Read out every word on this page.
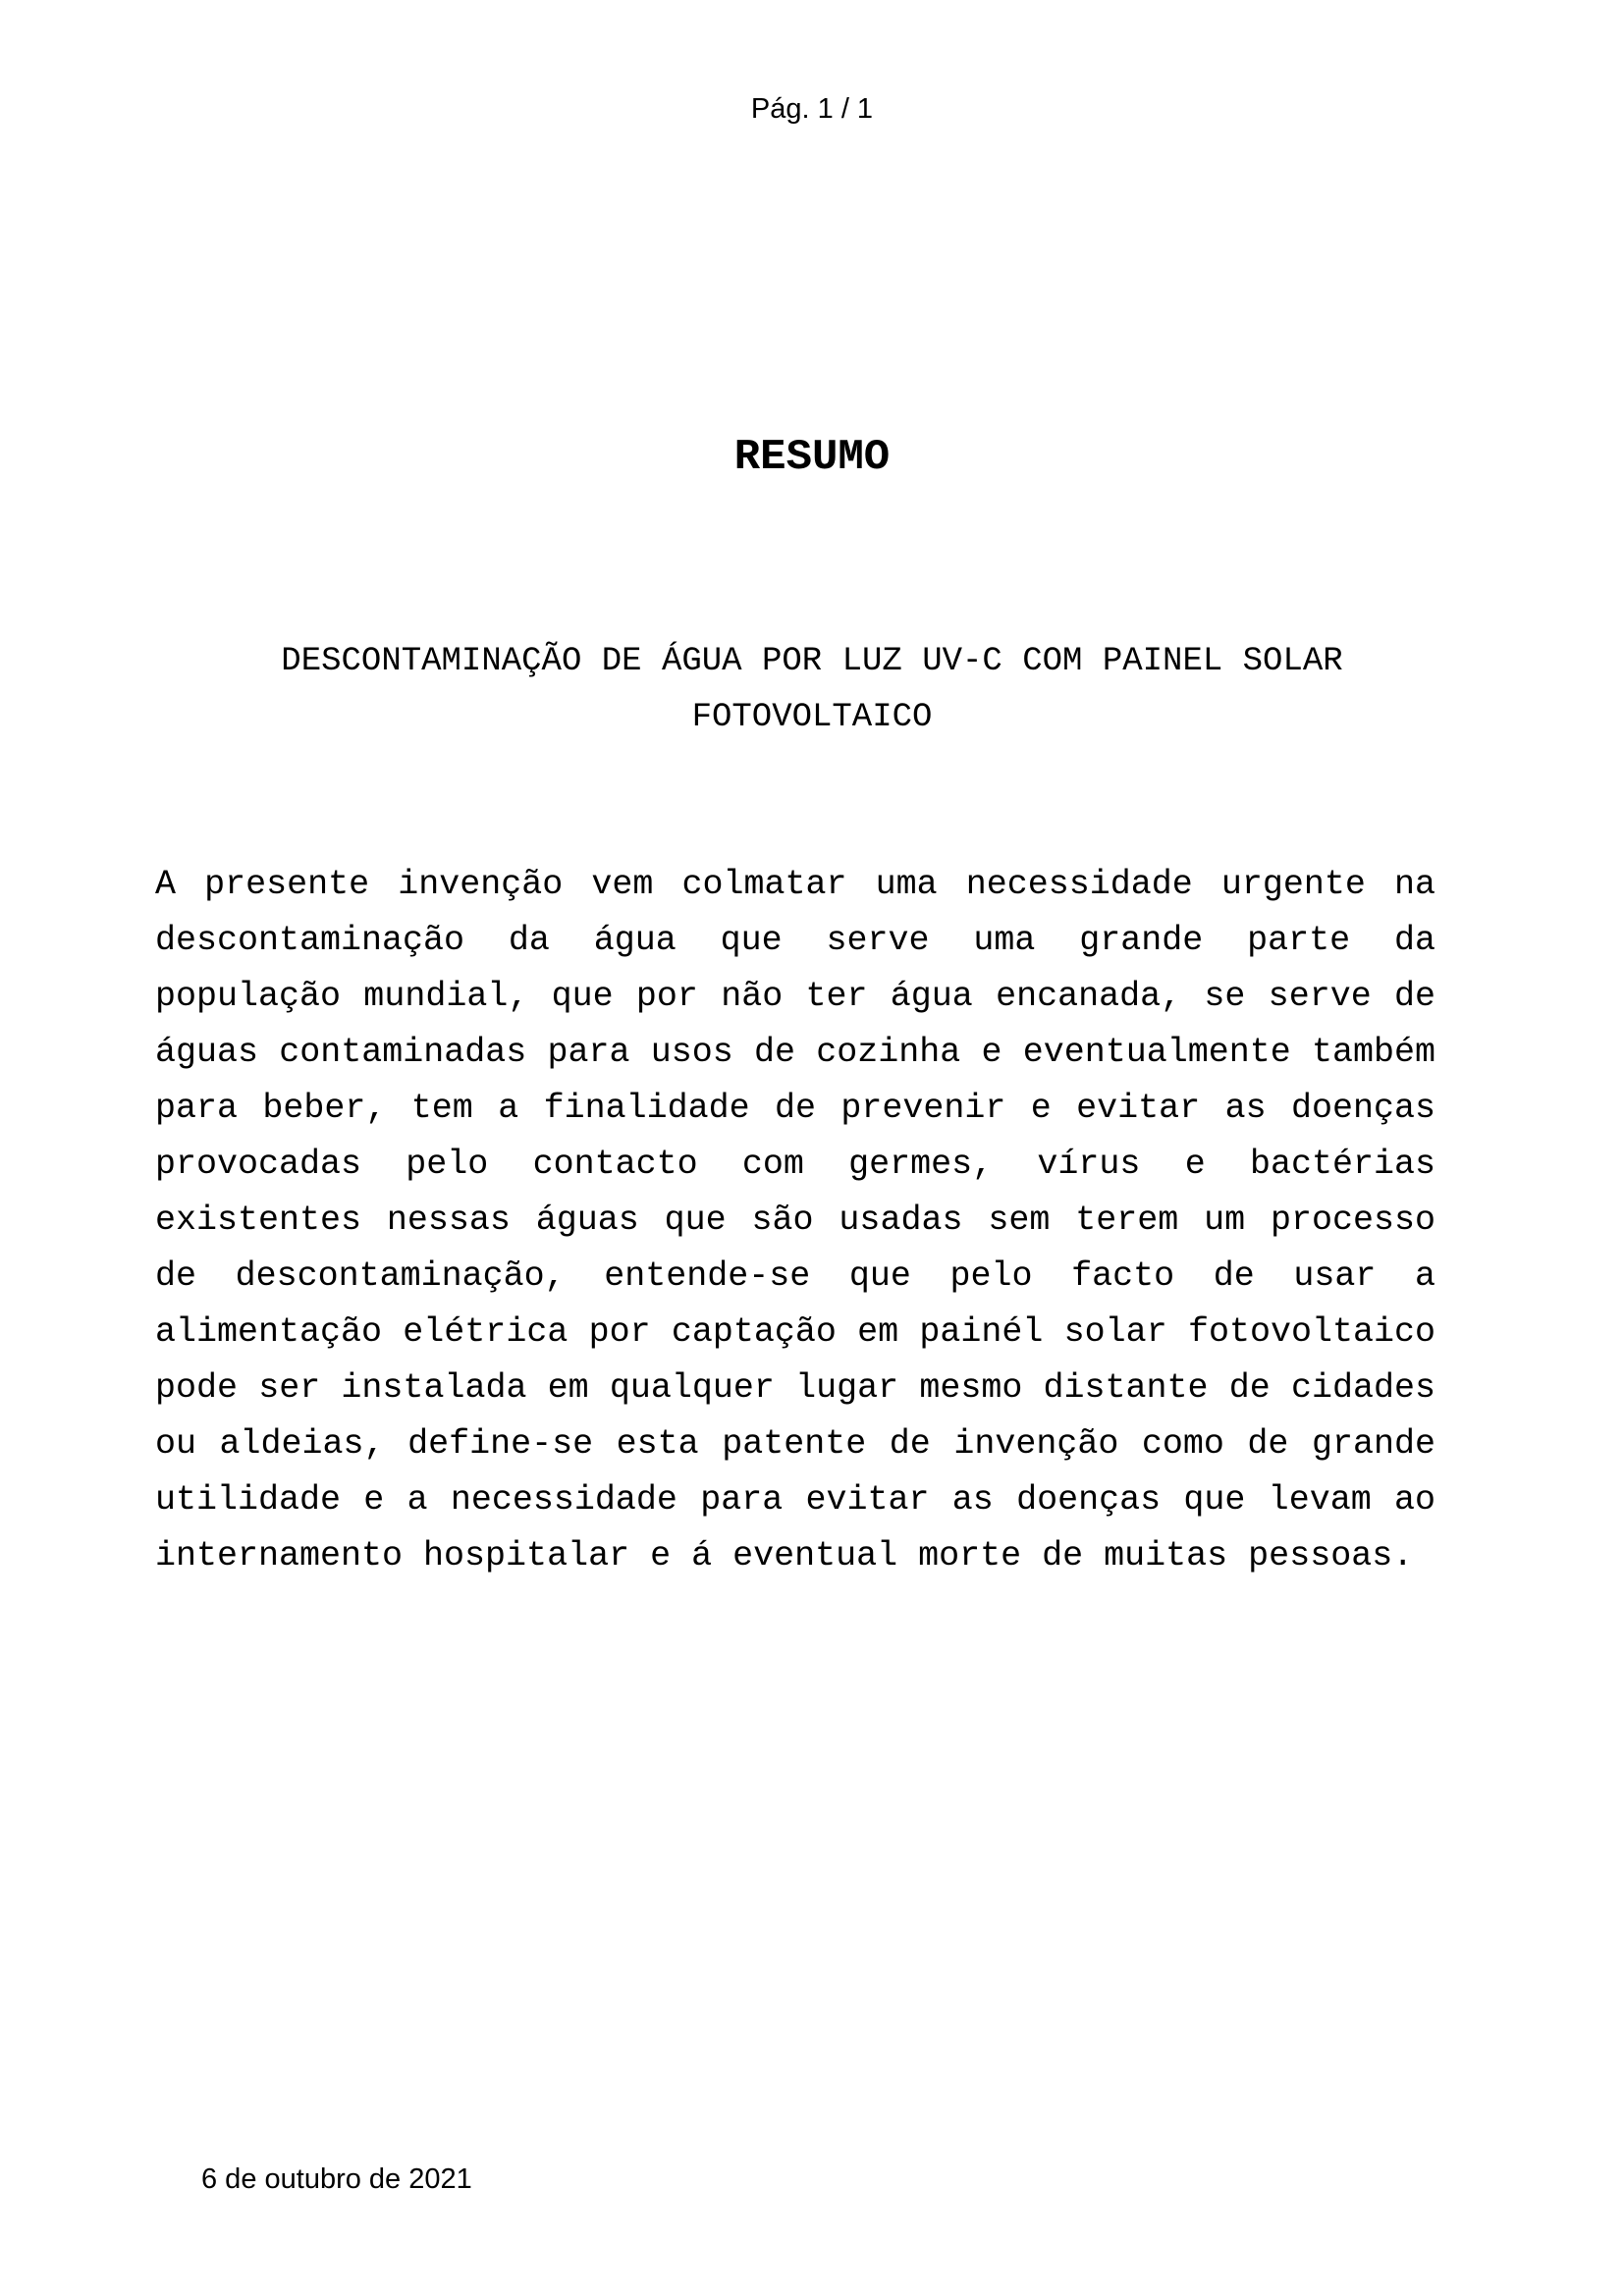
Pág. 1 / 1
RESUMO
DESCONTAMINAÇÃO DE ÁGUA POR LUZ UV-C COM PAINEL SOLAR
FOTOVOLTAICO
A presente invenção vem colmatar uma necessidade urgente na
descontaminação da água que serve uma grande parte da
população mundial, que por não ter água encanada, se serve de
águas contaminadas para usos de cozinha e eventualmente também
para beber, tem a finalidade de prevenir e evitar as doenças
provocadas pelo contacto com germes, vírus e bactérias
existentes nessas águas que são usadas sem terem um processo
de descontaminação, entende-se que pelo facto de usar a
alimentação elétrica por captação em painél solar fotovoltaico
pode ser instalada em qualquer lugar mesmo distante de cidades
ou aldeias, define-se esta patente de invenção como de grande
utilidade e a necessidade para evitar as doenças que levam ao
internamento hospitalar e á eventual morte de muitas pessoas.
6 de outubro de 2021
